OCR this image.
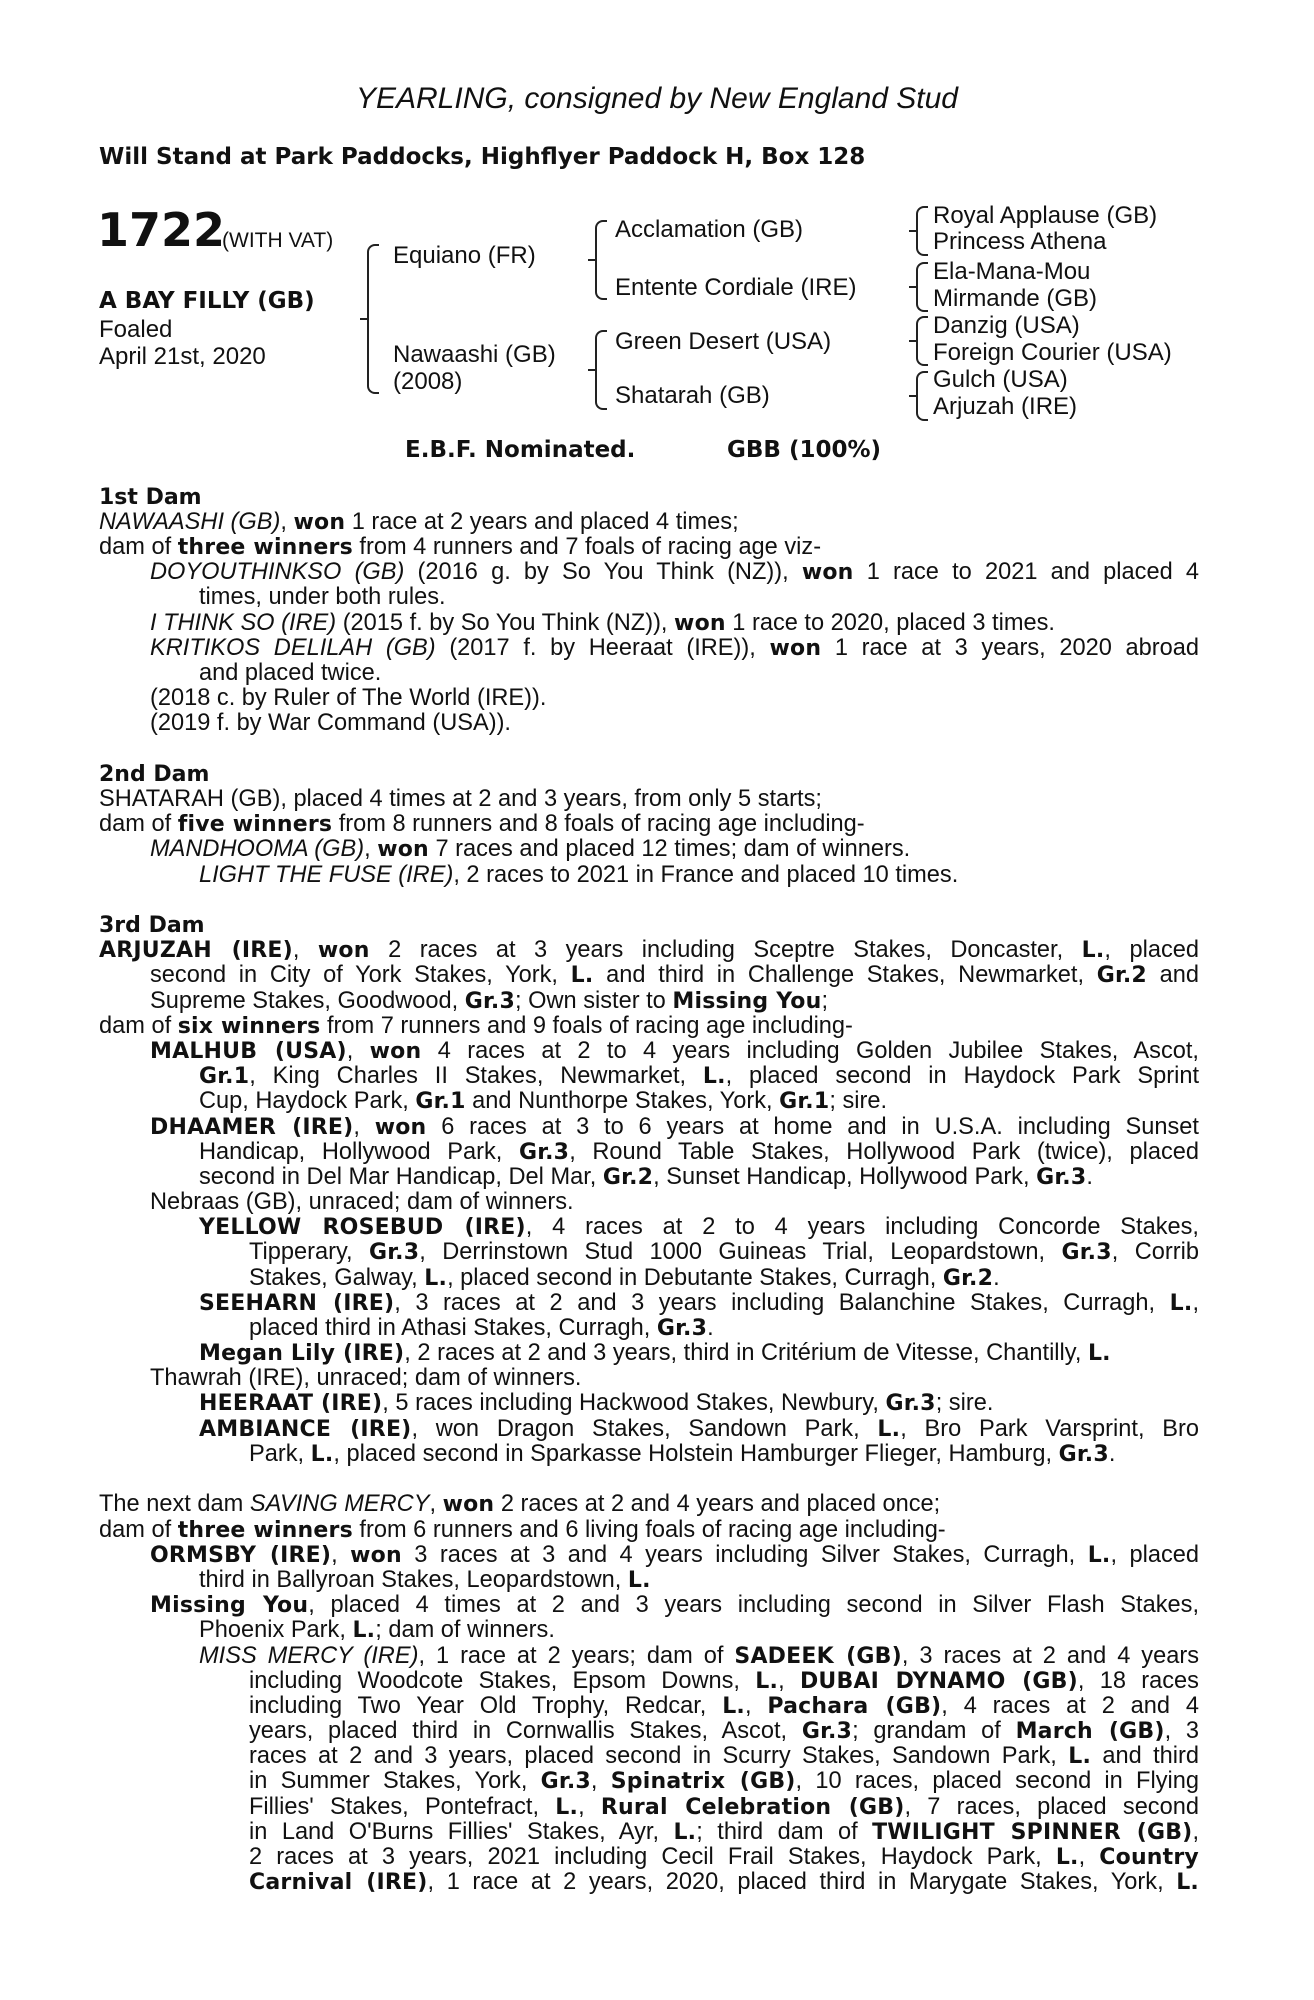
YEARLING, consigned by New England Stud
Will Stand at Park Paddocks, Highflyer Paddock H, Box 128
1722
(WITH VAT)
A BAY FILLY (GB)
Foaled
April 21st, 2020
Equiano (FR)
Nawaashi (GB)
(2008)
Acclamation (GB)
Entente Cordiale (IRE)
Green Desert (USA)
Shatarah (GB)
Royal Applause (GB)
Princess Athena
Ela-Mana-Mou
Mirmande (GB)
Danzig (USA)
Foreign Courier (USA)
Gulch (USA)
Arjuzah (IRE)
E.B.F. Nominated.	GBB (100%)
1st Dam
NAWAASHI (GB), won 1 race at 2 years and placed 4 times;
dam of three winners from 4 runners and 7 foals of racing age viz-
DOYOUTHINKSO (GB) (2016 g. by So You Think (NZ)), won 1 race to 2021 and placed 4
times, under both rules.
I THINK SO (IRE) (2015 f. by So You Think (NZ)), won 1 race to 2020, placed 3 times.
KRITIKOS DELILAH (GB) (2017 f. by Heeraat (IRE)), won 1 race at 3 years, 2020 abroad
and placed twice.
(2018 c. by Ruler of The World (IRE)).
(2019 f. by War Command (USA)).
2nd Dam
SHATARAH (GB), placed 4 times at 2 and 3 years, from only 5 starts;
dam of five winners from 8 runners and 8 foals of racing age including-
MANDHOOMA (GB), won 7 races and placed 12 times; dam of winners.
LIGHT THE FUSE (IRE), 2 races to 2021 in France and placed 10 times.
3rd Dam
ARJUZAH (IRE), won 2 races at 3 years including Sceptre Stakes, Doncaster, L., placed
second in City of York Stakes, York, L. and third in Challenge Stakes, Newmarket, Gr.2 and
Supreme Stakes, Goodwood, Gr.3; Own sister to Missing You;
dam of six winners from 7 runners and 9 foals of racing age including-
MALHUB (USA), won 4 races at 2 to 4 years including Golden Jubilee Stakes, Ascot,
Gr.1, King Charles II Stakes, Newmarket, L., placed second in Haydock Park Sprint
Cup, Haydock Park, Gr.1 and Nunthorpe Stakes, York, Gr.1; sire.
DHAAMER (IRE), won 6 races at 3 to 6 years at home and in U.S.A. including Sunset
Handicap, Hollywood Park, Gr.3, Round Table Stakes, Hollywood Park (twice), placed
second in Del Mar Handicap, Del Mar, Gr.2, Sunset Handicap, Hollywood Park, Gr.3.
Nebraas (GB), unraced; dam of winners.
YELLOW ROSEBUD (IRE), 4 races at 2 to 4 years including Concorde Stakes,
Tipperary, Gr.3, Derrinstown Stud 1000 Guineas Trial, Leopardstown, Gr.3, Corrib
Stakes, Galway, L., placed second in Debutante Stakes, Curragh, Gr.2.
SEEHARN (IRE), 3 races at 2 and 3 years including Balanchine Stakes, Curragh, L.,
placed third in Athasi Stakes, Curragh, Gr.3.
Megan Lily (IRE), 2 races at 2 and 3 years, third in Critérium de Vitesse, Chantilly, L.
Thawrah (IRE), unraced; dam of winners.
HEERAAT (IRE), 5 races including Hackwood Stakes, Newbury, Gr.3; sire.
AMBIANCE (IRE), won Dragon Stakes, Sandown Park, L., Bro Park Varsprint, Bro
Park, L., placed second in Sparkasse Holstein Hamburger Flieger, Hamburg, Gr.3.
The next dam SAVING MERCY, won 2 races at 2 and 4 years and placed once;
dam of three winners from 6 runners and 6 living foals of racing age including-
ORMSBY (IRE), won 3 races at 3 and 4 years including Silver Stakes, Curragh, L., placed
third in Ballyroan Stakes, Leopardstown, L.
Missing You, placed 4 times at 2 and 3 years including second in Silver Flash Stakes,
Phoenix Park, L.; dam of winners.
MISS MERCY (IRE), 1 race at 2 years; dam of SADEEK (GB), 3 races at 2 and 4 years
including Woodcote Stakes, Epsom Downs, L., DUBAI DYNAMO (GB), 18 races
including Two Year Old Trophy, Redcar, L., Pachara (GB), 4 races at 2 and 4
years, placed third in Cornwallis Stakes, Ascot, Gr.3; grandam of March (GB), 3
races at 2 and 3 years, placed second in Scurry Stakes, Sandown Park, L. and third
in Summer Stakes, York, Gr.3, Spinatrix (GB), 10 races, placed second in Flying
Fillies' Stakes, Pontefract, L., Rural Celebration (GB), 7 races, placed second
in Land O'Burns Fillies' Stakes, Ayr, L.; third dam of TWILIGHT SPINNER (GB),
2 races at 3 years, 2021 including Cecil Frail Stakes, Haydock Park, L., Country
Carnival (IRE), 1 race at 2 years, 2020, placed third in Marygate Stakes, York, L.
